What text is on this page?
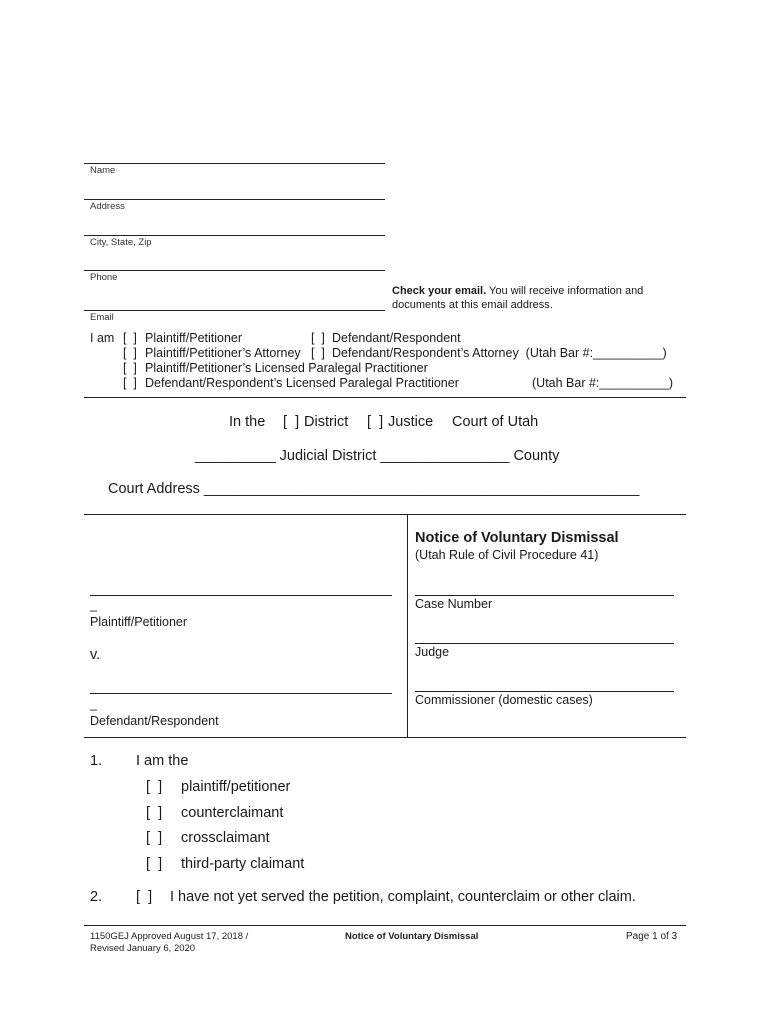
Name
Address
City, State, Zip
Phone
Email
Check your email. You will receive information and
documents at this email address.
I am [  ] Plaintiff/Petitioner	[  ] Defendant/Respondent
[  ] Plaintiff/Petitioner’s Attorney [  ] Defendant/Respondent’s Attorney  (Utah Bar #:__________)
[  ] Plaintiff/Petitioner’s Licensed Paralegal Practitioner
[  ] Defendant/Respondent’s Licensed Paralegal Practitioner	(Utah Bar #:__________)
In the [  ] District [  ] Justice Court of Utah
__________ Judicial District ________________ County
Court Address ______________________________________________________
_
Plaintiff/Petitioner
v.
_
Defendant/Respondent
Notice of Voluntary Dismissal
(Utah Rule of Civil Procedure 41)
Case Number
Judge
Commissioner (domestic cases)
1. I am the
[  ] plaintiff/petitioner
[  ] counterclaimant
[  ] crossclaimant
[  ] third-party claimant
2. [  ] I have not yet served the petition, complaint, counterclaim or other claim.
1150GEJ Approved August 17, 2018 /
Revised January 6, 2020
Notice of Voluntary Dismissal	Page 1 of 3
